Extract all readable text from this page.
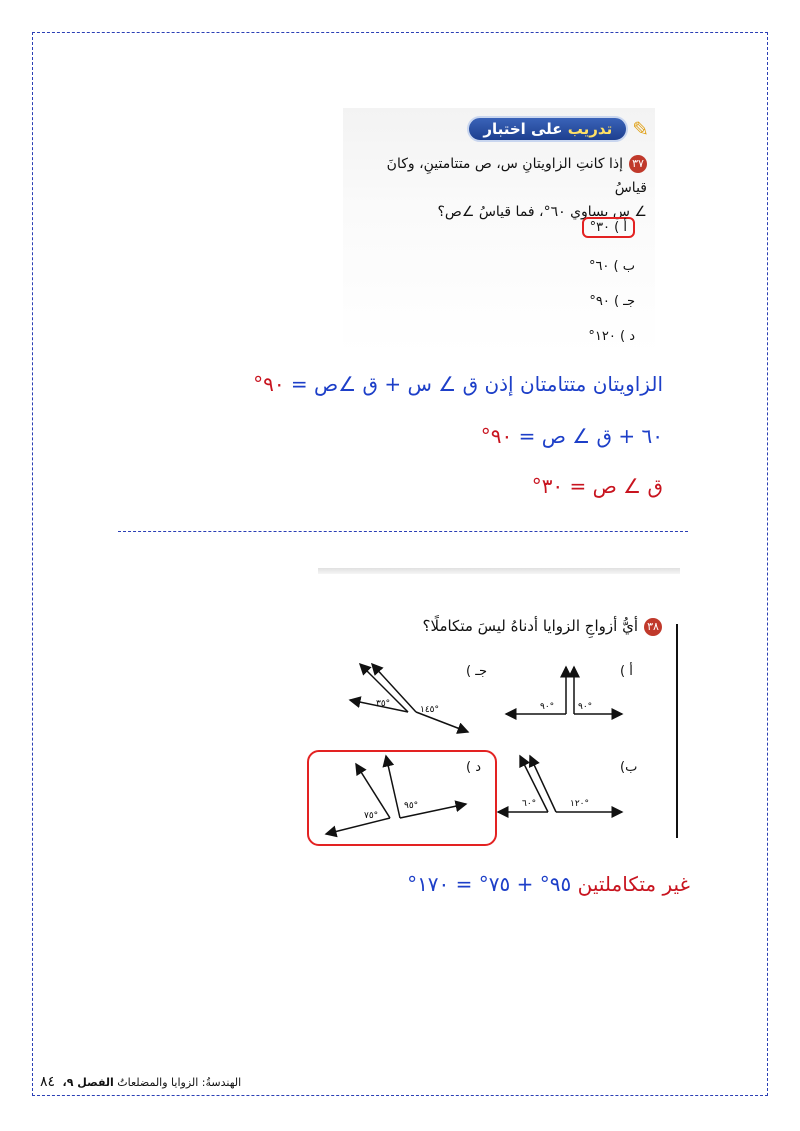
✎
تدريب على اختبار
٣٧إذا كانتِ الزاويتانِ س، ص متتامتينِ، وكانَ قياسُ
∠ س يساوي ٦٠°، فما قياسُ ∠ص؟
أ ) ٣٠°
ب ) ٦٠°
جـ ) ٩٠°
د ) ١٢٠°
الزاويتان متتامتان إذن ق ∠ س + ق ∠ص = ٩٠°
٦٠ + ق ∠ ص = ٩٠°
ق ∠ ص = ٣٠°
٣٨أيُّ أزواجِ الزوايا أدناهُ ليسَ متكاملًا؟
أ )
جـ )
ب)
د )
٩٠°	٩٠°
٣٥°
١٤٥°
٦٠°	١٢٠°
٧٥°
٩٥°
غير متكاملتين ٩٥° + ٧٥° = ١٧٠°
الهندسةُ: الزوايا والمضلعاتُ الفصل ٩، ٨٤
